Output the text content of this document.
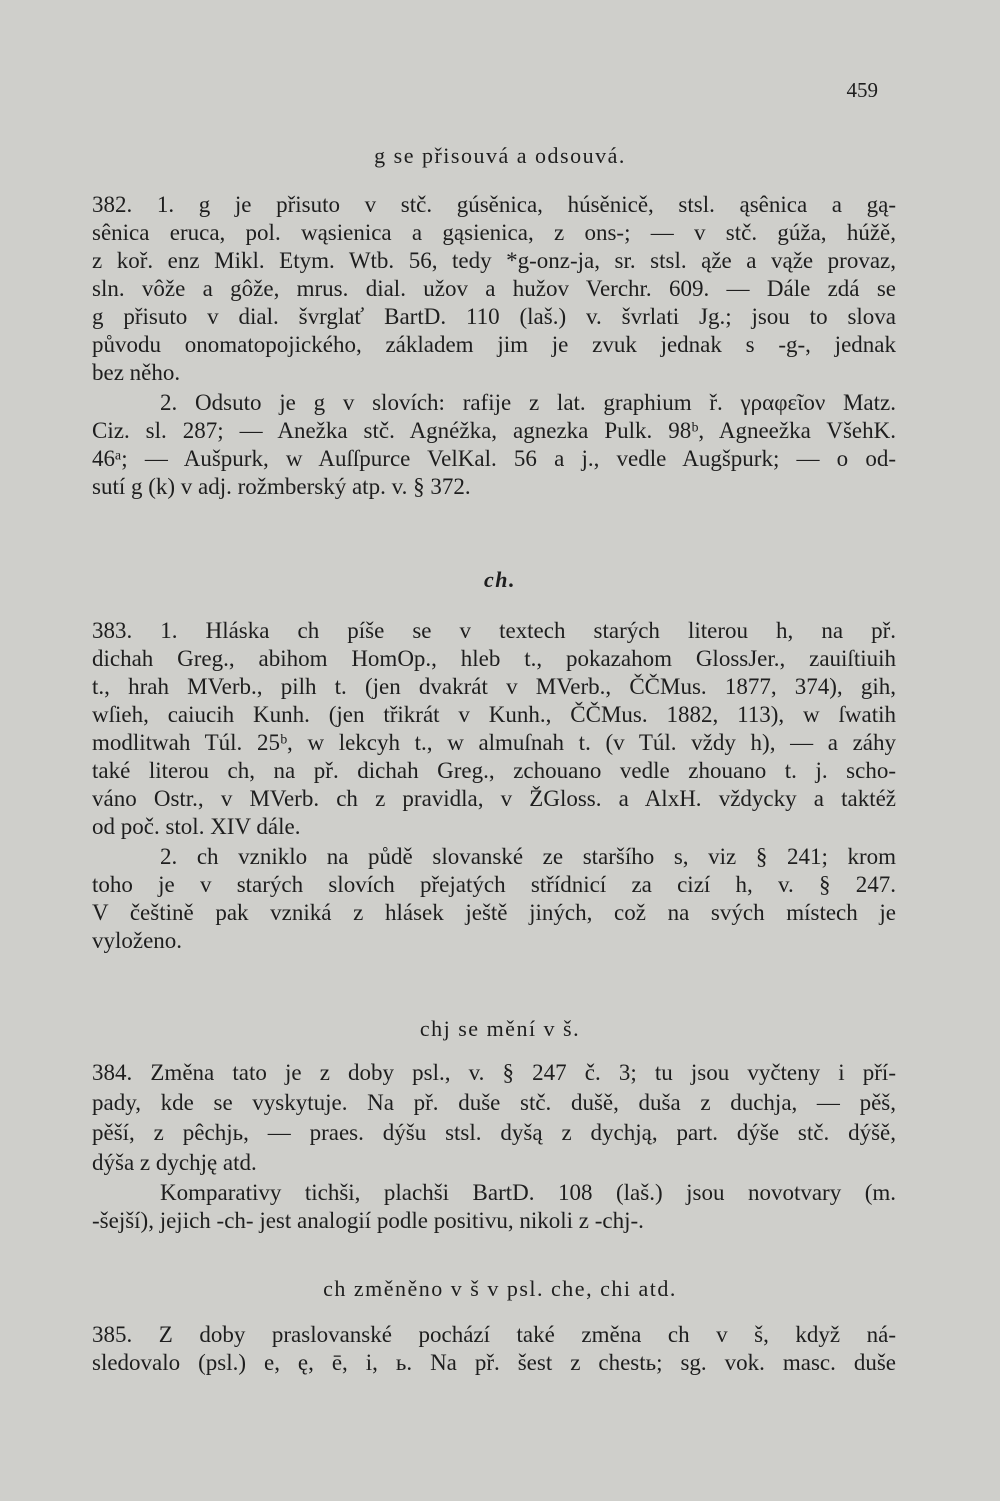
459
g se přisouvá a odsouvá.
382. 1. g je přisuto v stč. gúsěnica, húsěnicě, stsl. ąsênica a gą-
sênica eruca, pol. wąsienica a gąsienica, z ons-; — v stč. gúža, húžě,
z koř. enz Mikl. Etym. Wtb. 56, tedy *g-onz-ja, sr. stsl. ąže a vąže provaz,
sln. vôže a gôže, mrus. dial. užov a hužov Verchr. 609. — Dále zdá se
g přisuto v dial. švrglať BartD. 110 (laš.) v. švrlati Jg.; jsou to slova
původu onomatopojického, základem jim je zvuk jednak s -g-, jednak
bez něho.
2. Odsuto je g v slovích: rafije z lat. graphium ř. γραφεῖον Matz.
Ciz. sl. 287; — Anežka stč. Agnéžka, agnezka Pulk. 98ᵇ, Agneežka VšehK.
46ᵃ; — Aušpurk, w Auſſpurce VelKal. 56 a j., vedle Augšpurk; — o od-
sutí g (k) v adj. rožmberský atp. v. § 372.
ch.
383. 1. Hláska ch píše se v textech starých literou h, na př.
dichah Greg., abihom HomOp., hleb t., pokazahom GlossJer., zauiſtiuih
t., hrah MVerb., pilh t. (jen dvakrát v MVerb., ČČMus. 1877, 374), gih,
wſieh, caiucih Kunh. (jen třikrát v Kunh., ČČMus. 1882, 113), w ſwatih
modlitwah Túl. 25ᵇ, w lekcyh t., w almuſnah t. (v Túl. vždy h), — a záhy
také literou ch, na př. dichah Greg., zchouano vedle zhouano t. j. scho-
váno Ostr., v MVerb. ch z pravidla, v ŽGloss. a AlxH. vždycky a taktéž
od poč. stol. XIV dále.
2. ch vzniklo na půdě slovanské ze staršího s, viz § 241; krom
toho je v starých slovích přejatých střídnicí za cizí h, v. § 247.
V češtině pak vzniká z hlásek ještě jiných, což na svých místech je
vyloženo.
chj se mění v š.
384. Změna tato je z doby psl., v. § 247 č. 3; tu jsou vyčteny i pří-
pady, kde se vyskytuje. Na př. duše stč. dušě, duša z duchja, — pěš,
pěší, z pêchjь, — praes. dýšu stsl. dyšą z dychją, part. dýše stč. dýšě,
dýša z dychję atd.
Komparativy tichši, plachši BartD. 108 (laš.) jsou novotvary (m.
-šejší), jejich -ch- jest analogií podle positivu, nikoli z -chj-.
ch změněno v š v psl. che, chi atd.
385. Z doby praslovanské pochází také změna ch v š, když ná-
sledovalo (psl.) e, ę, ē, i, ь. Na př. šest z chestь; sg. vok. masc. duše
